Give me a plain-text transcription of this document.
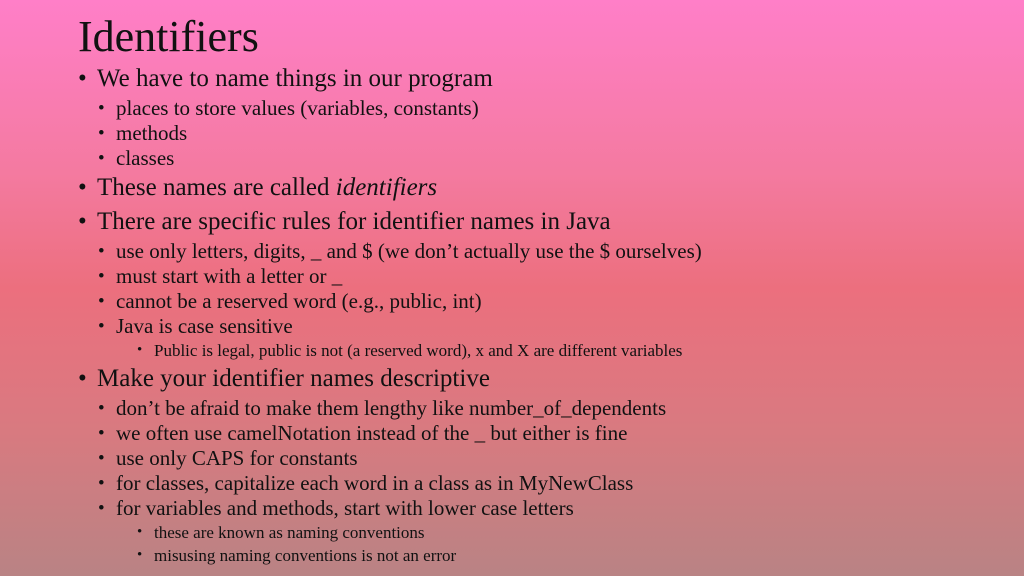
Identifiers
• We have to name things in our program
• places to store values (variables, constants)
• methods
• classes
• These names are called identifiers
• There are specific rules for identifier names in Java
• use only letters, digits, _ and $ (we don’t actually use the $ ourselves)
• must start with a letter or _
• cannot be a reserved word (e.g., public, int)
• Java is case sensitive
• Public is legal, public is not (a reserved word), x and X are different variables
• Make your identifier names descriptive
• don’t be afraid to make them lengthy like number_of_dependents
• we often use camelNotation instead of the _ but either is fine
• use only CAPS for constants
• for classes, capitalize each word in a class as in MyNewClass
• for variables and methods, start with lower case letters
• these are known as naming conventions
• misusing naming conventions is not an error
